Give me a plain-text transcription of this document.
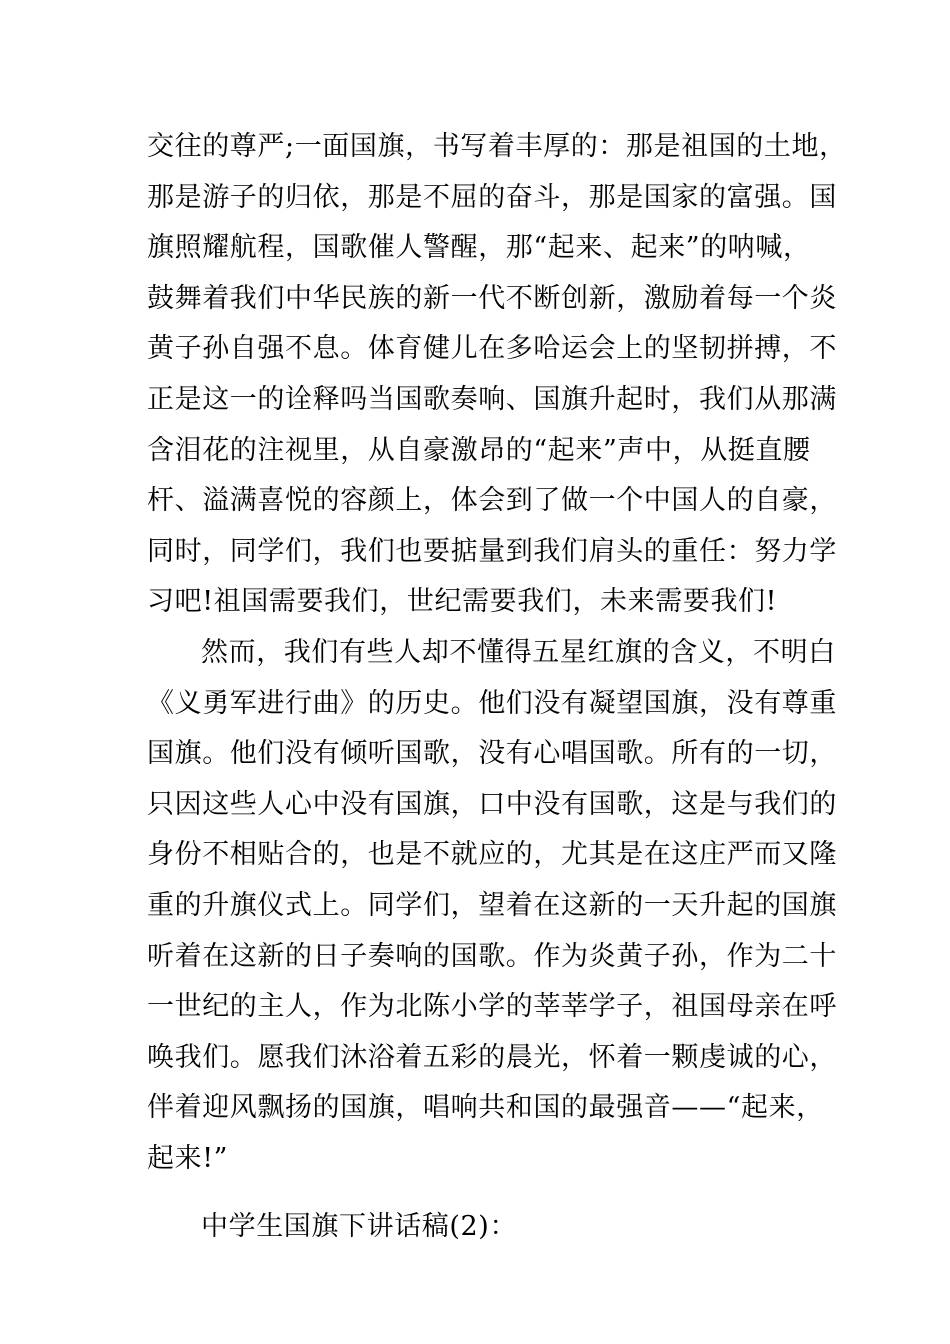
交往的尊严;一面国旗，书写着丰厚的：那是祖国的土地，
那是游子的归依，那是不屈的奋斗，那是国家的富强。国
旗照耀航程，国歌催人警醒，那“起来、起来”的呐喊，
鼓舞着我们中华民族的新一代不断创新，激励着每一个炎
黄子孙自强不息。体育健儿在多哈运会上的坚韧拼搏，不
正是这一的诠释吗当国歌奏响、国旗升起时，我们从那满
含泪花的注视里，从自豪激昂的“起来”声中，从挺直腰
杆、溢满喜悦的容颜上，体会到了做一个中国人的自豪，
同时，同学们，我们也要掂量到我们肩头的重任：努力学
习吧!祖国需要我们，世纪需要我们，未来需要我们!
然而，我们有些人却不懂得五星红旗的含义，不明白
《义勇军进行曲》的历史。他们没有凝望国旗，没有尊重
国旗。他们没有倾听国歌，没有心唱国歌。所有的一切，
只因这些人心中没有国旗，口中没有国歌，这是与我们的
身份不相贴合的，也是不就应的，尤其是在这庄严而又隆
重的升旗仪式上。同学们，望着在这新的一天升起的国旗
听着在这新的日子奏响的国歌。作为炎黄子孙，作为二十
一世纪的主人，作为北陈小学的莘莘学子，祖国母亲在呼
唤我们。愿我们沐浴着五彩的晨光，怀着一颗虔诚的心，
伴着迎风飘扬的国旗，唱响共和国的最强音——“起来，
起来!”
中学生国旗下讲话稿(2)：
